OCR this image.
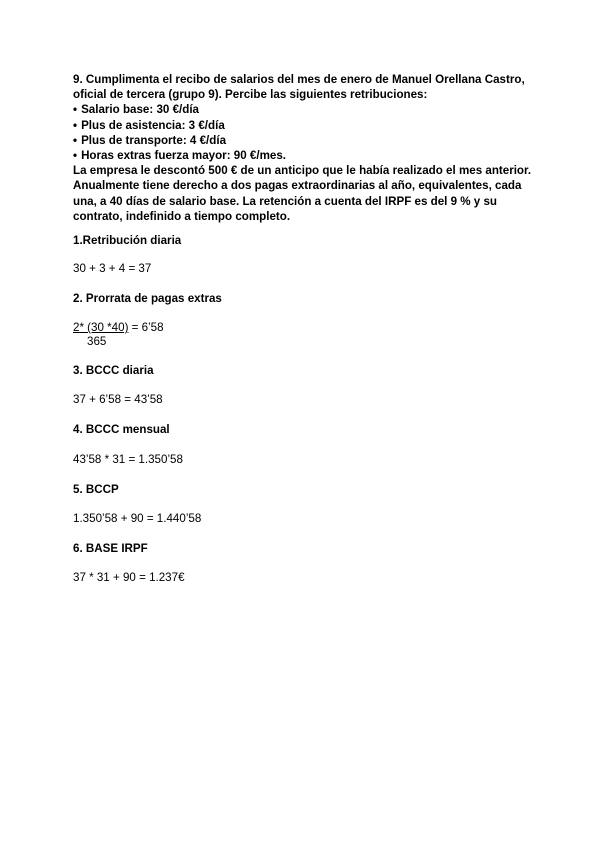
9. Cumplimenta el recibo de salarios del mes de enero de Manuel Orellana Castro, oficial de tercera (grupo 9). Percibe las siguientes retribuciones:

• Salario base: 30 €/día
• Plus de asistencia: 3 €/día
• Plus de transporte: 4 €/día
• Horas extras fuerza mayor: 90 €/mes.

La empresa le descontó 500 € de un anticipo que le había realizado el mes anterior. Anualmente tiene derecho a dos pagas extraordinarias al año, equivalentes, cada una, a 40 días de salario base. La retención a cuenta del IRPF es del 9 % y su contrato, indefinido a tiempo completo.

1.Retribución diaria
30 + 3 + 4 = 37
2. Prorrata de pagas extras
2* (30 *40) = 6’58
365
3. BCCC diaria
37 + 6’58 = 43’58
4. BCCC mensual
43’58 * 31 = 1.350’58
5. BCCP
1.350’58 + 90 = 1.440’58
6. BASE IRPF
37 * 31 + 90 = 1.237€
